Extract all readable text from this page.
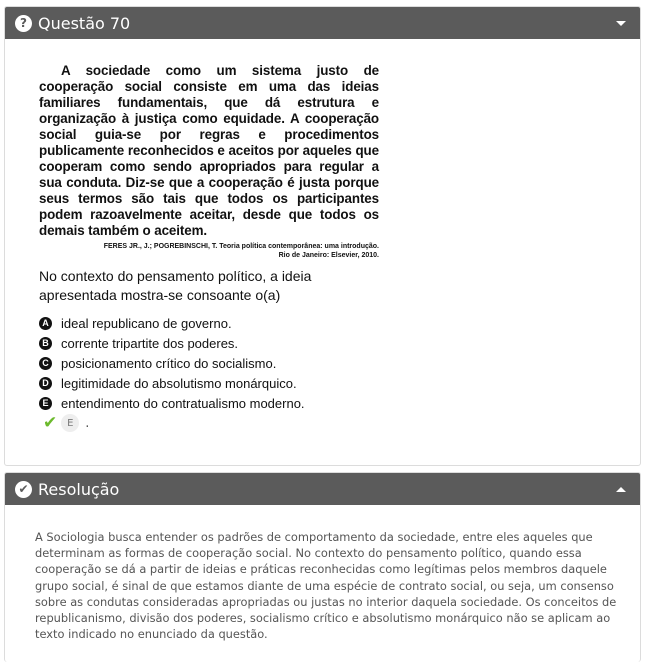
? Questão 70
A sociedade como um sistema justo de cooperação social consiste em uma das ideias familiares fundamentais, que dá estrutura e organização à justiça como equidade. A cooperação social guia-se por regras e procedimentos publicamente reconhecidos e aceitos por aqueles que cooperam como sendo apropriados para regular a sua conduta. Diz-se que a cooperação é justa porque seus termos são tais que todos os participantes podem razoavelmente aceitar, desde que todos os demais também o aceitem.
FERES JR., J.; POGREBINSCHI, T. Teoria política contemporânea: uma introdução.
Rio de Janeiro: Elsevier, 2010.
No contexto do pensamento político, a ideia apresentada mostra-se consoante o(a)
A ideal republicano de governo.
B corrente tripartite dos poderes.
C posicionamento crítico do socialismo.
D legitimidade do absolutismo monárquico.
E entendimento do contratualismo moderno.
✔ E .
✔ Resolução
A Sociologia busca entender os padrões de comportamento da sociedade, entre eles aqueles que determinam as formas de cooperação social. No contexto do pensamento político, quando essa cooperação se dá a partir de ideias e práticas reconhecidas como legítimas pelos membros daquele grupo social, é sinal de que estamos diante de uma espécie de contrato social, ou seja, um consenso sobre as condutas consideradas apropriadas ou justas no interior daquela sociedade. Os conceitos de republicanismo, divisão dos poderes, socialismo crítico e absolutismo monárquico não se aplicam ao texto indicado no enunciado da questão.
